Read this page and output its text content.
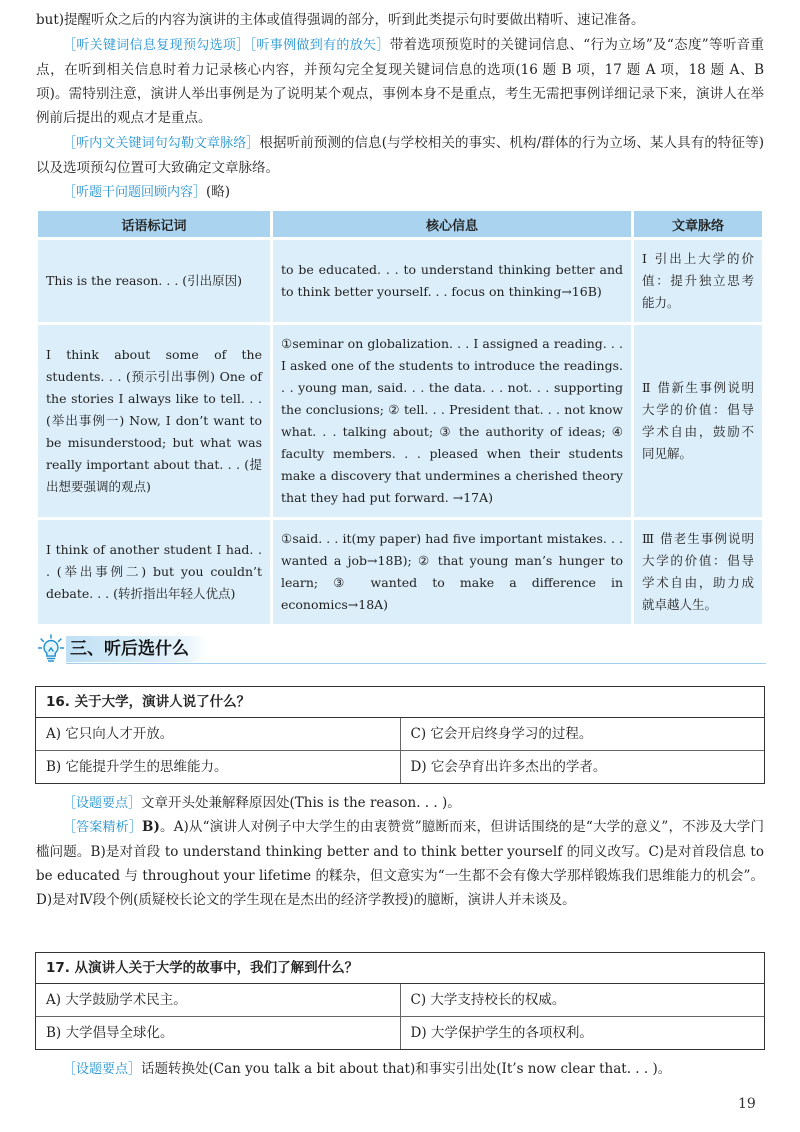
but)提醒听众之后的内容为演讲的主体或值得强调的部分，听到此类提示句时要做出精听、速记准备。

［听关键词信息复现预勾选项］［听事例做到有的放矢］带着选项预览时的关键词信息、“行为立场”及“态度”等听音重点，在听到相关信息时着力记录核心内容，并预勾完全复现关键词信息的选项(16 题 B 项，17 题 A 项，18 题 A、B 项)。需特别注意，演讲人举出事例是为了说明某个观点，事例本身不是重点，考生无需把事例详细记录下来，演讲人在举例前后提出的观点才是重点。

［听内文关键词句勾勒文章脉络］根据听前预测的信息(与学校相关的事实、机构/群体的行为立场、某人具有的特征等)以及选项预勾位置可大致确定文章脉络。

［听题干问题回顾内容］(略)

话语标记词	核心信息	文章脉络
This is the reason. . . (引出原因)	to be educated. . . to understand thinking better and to think better yourself. . . focus on thinking→16B)	Ⅰ 引出上大学的价值：提升独立思考能力。
I think about some of the students. . . (预示引出事例) One of the stories I always like to tell. . . (举出事例一) Now, I don’t want to be misunderstood; but what was really important about that. . . (提出想要强调的观点)	①seminar on globalization. . . I assigned a reading. . . I asked one of the students to introduce the readings. . . young man, said. . . the data. . . not. . . supporting the conclusions; ② tell. . . President that. . . not know what. . . talking about; ③ the authority of ideas; ④ faculty members. . . pleased when their students make a discovery that undermines a cherished theory that they had put forward. →17A)	Ⅱ 借新生事例说明大学的价值：倡导学术自由，鼓励不同见解。
I think of another student I had. . . (举出事例二) but you couldn’t debate. . . (转折指出年轻人优点)	①said. . . it(my paper) had five important mistakes. . . wanted a job→18B); ② that young man’s hunger to learn; ③ wanted to make a difference in economics→18A)	Ⅲ 借老生事例说明大学的价值：倡导学术自由，助力成就卓越人生。
三、听后选什么
16. 关于大学，演讲人说了什么？
A) 它只向人才开放。	C) 它会开启终身学习的过程。
B) 它能提升学生的思维能力。	D) 它会孕育出许多杰出的学者。

［设题要点］文章开头处兼解释原因处(This is the reason. . . )。

［答案精析］B)。A)从“演讲人对例子中大学生的由衷赞赏”臆断而来，但讲话围绕的是“大学的意义”，不涉及大学门槛问题。B)是对首段 to understand thinking better and to think better yourself 的同义改写。C)是对首段信息 to be educated 与 throughout your lifetime 的糅杂，但文意实为“一生都不会有像大学那样锻炼我们思维能力的机会”。D)是对Ⅳ段个例(质疑校长论文的学生现在是杰出的经济学教授)的臆断，演讲人并未谈及。

17. 从演讲人关于大学的故事中，我们了解到什么？
A) 大学鼓励学术民主。	C) 大学支持校长的权威。
B) 大学倡导全球化。	D) 大学保护学生的各项权利。

［设题要点］话题转换处(Can you talk a bit about that)和事实引出处(It’s now clear that. . . )。

19
